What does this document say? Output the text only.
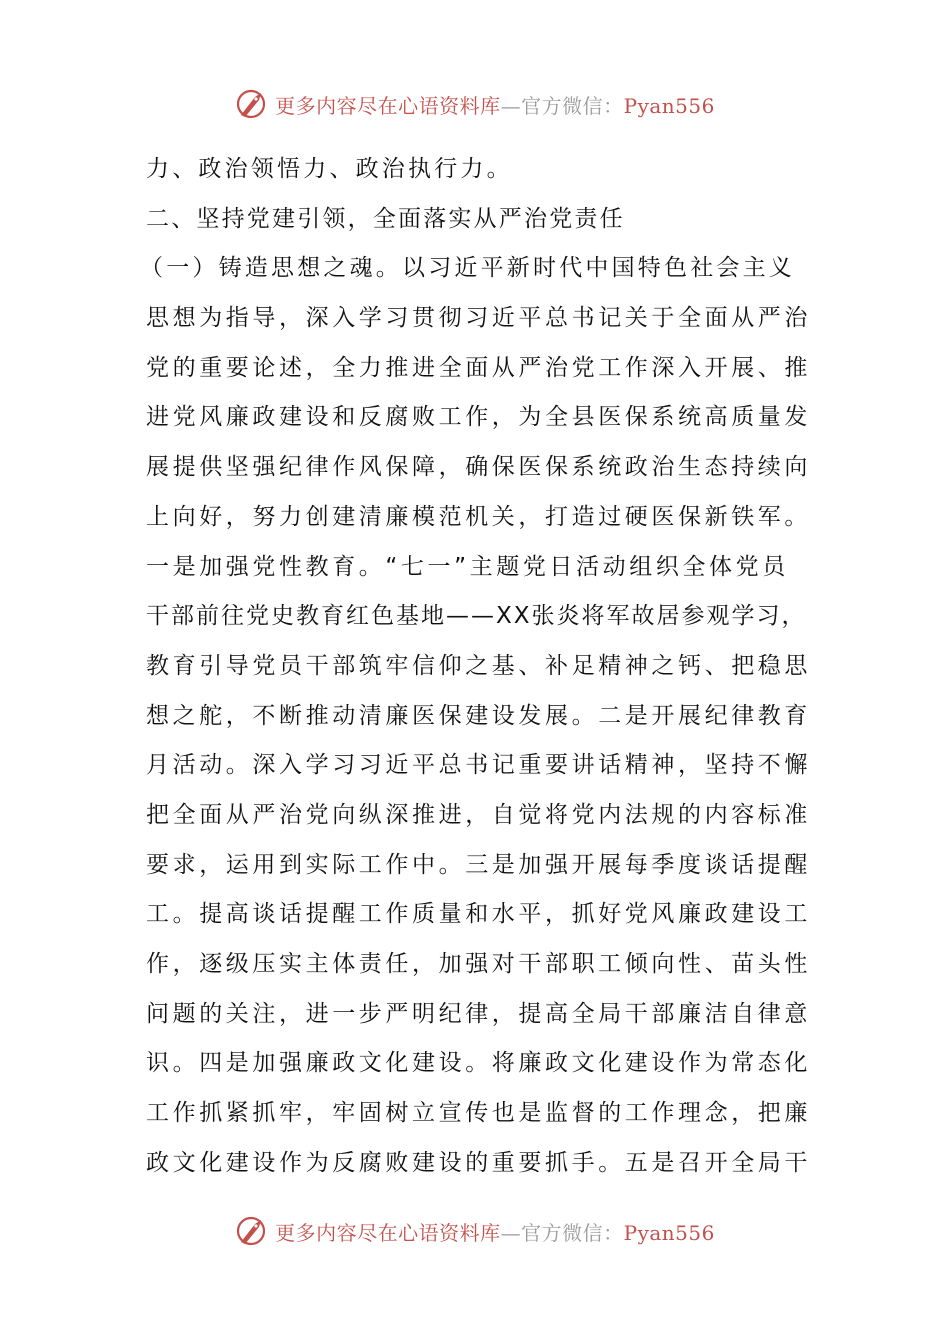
更多内容尽在心语资料库—官方微信：Pyan556
力、政治领悟力、政治执行力。
二、坚持党建引领，全面落实从严治党责任
（一）铸造思想之魂。以习近平新时代中国特色社会主义
思想为指导，深入学习贯彻习近平总书记关于全面从严治
党的重要论述，全力推进全面从严治党工作深入开展、推
进党风廉政建设和反腐败工作，为全县医保系统高质量发
展提供坚强纪律作风保障，确保医保系统政治生态持续向
上向好，努力创建清廉模范机关，打造过硬医保新铁军。
一是加强党性教育。“七一”主题党日活动组织全体党员
干部前往党史教育红色基地——XX张炎将军故居参观学习，
教育引导党员干部筑牢信仰之基、补足精神之钙、把稳思
想之舵，不断推动清廉医保建设发展。二是开展纪律教育
月活动。深入学习习近平总书记重要讲话精神，坚持不懈
把全面从严治党向纵深推进，自觉将党内法规的内容标准
要求，运用到实际工作中。三是加强开展每季度谈话提醒
工。提高谈话提醒工作质量和水平，抓好党风廉政建设工
作，逐级压实主体责任，加强对干部职工倾向性、苗头性
问题的关注，进一步严明纪律，提高全局干部廉洁自律意
识。四是加强廉政文化建设。将廉政文化建设作为常态化
工作抓紧抓牢，牢固树立宣传也是监督的工作理念，把廉
政文化建设作为反腐败建设的重要抓手。五是召开全局干
更多内容尽在心语资料库—官方微信：Pyan556
